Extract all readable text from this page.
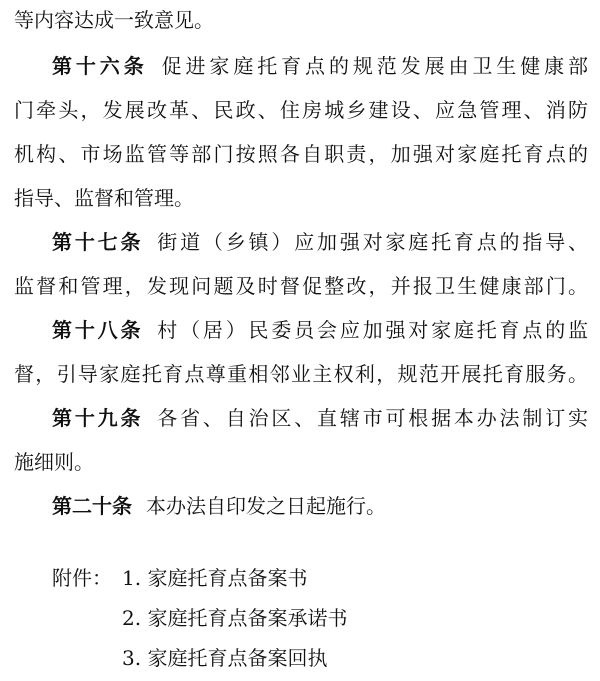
等内容达成一致意见。
第十六条 促进家庭托育点的规范发展由卫生健康部
门牵头，发展改革、民政、住房城乡建设、应急管理、消防
机构、市场监管等部门按照各自职责，加强对家庭托育点的
指导、监督和管理。
第十七条 街道（乡镇）应加强对家庭托育点的指导、
监督和管理，发现问题及时督促整改，并报卫生健康部门。
第十八条 村（居）民委员会应加强对家庭托育点的监
督，引导家庭托育点尊重相邻业主权利，规范开展托育服务。
第十九条 各省、自治区、直辖市可根据本办法制订实
施细则。
第二十条 本办法自印发之日起施行。
附件： 1. 家庭托育点备案书
2. 家庭托育点备案承诺书
3. 家庭托育点备案回执
